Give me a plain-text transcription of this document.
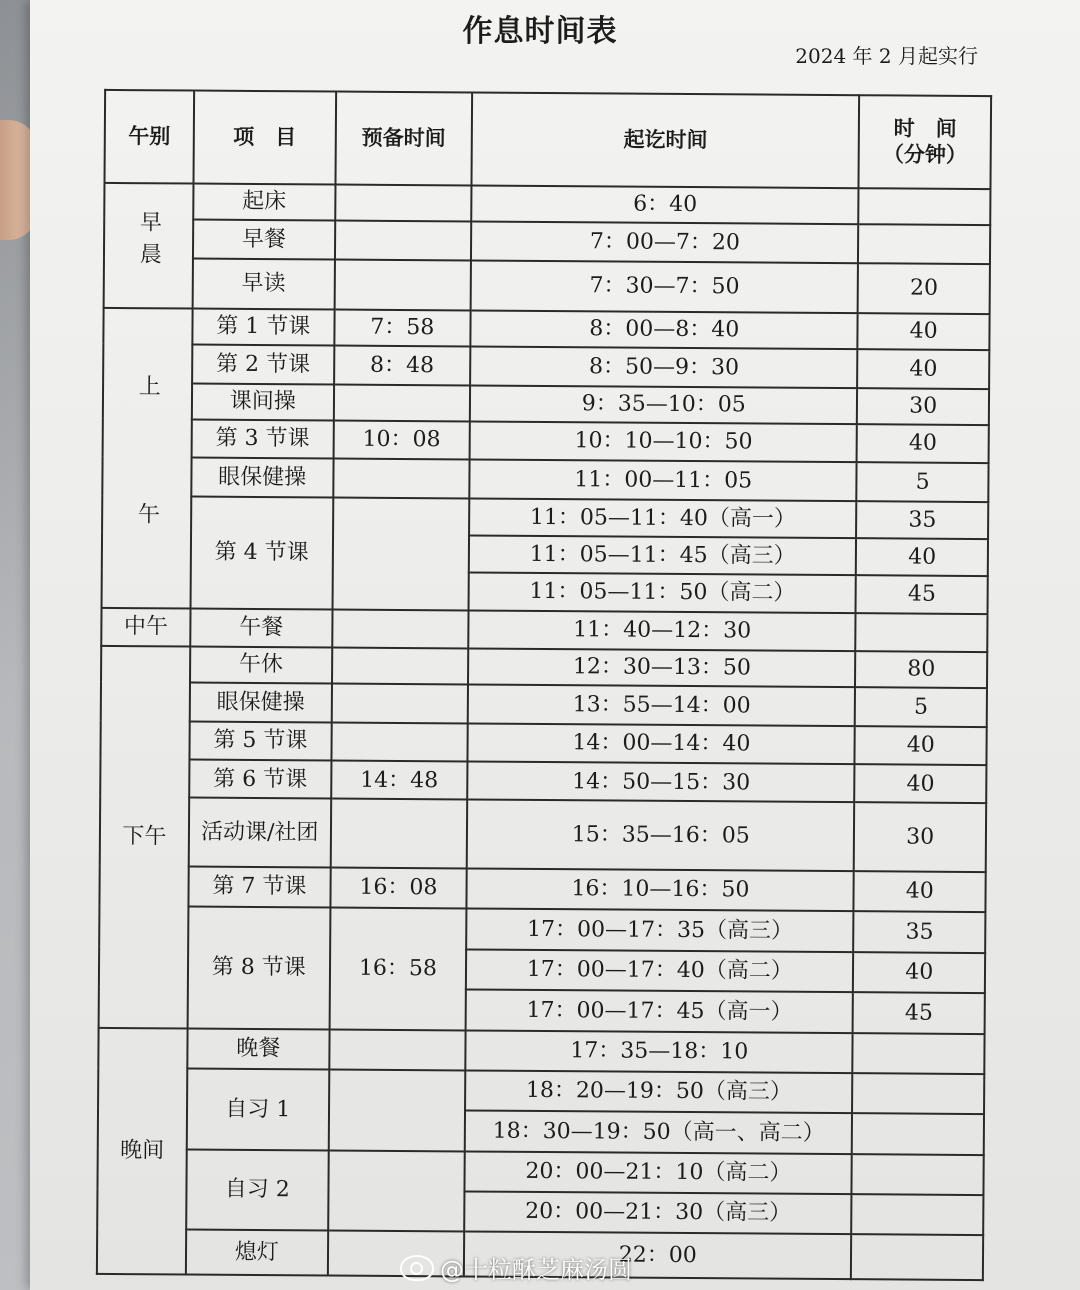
作息时间表
2024 年 2 月起实行
午别	项　目	预备时间	起讫时间	时　间
（分钟）
早晨	起床		6：40	
	早餐		7：00—7：20	
	早读		7：30—7：50	20
上　　　午	第 1 节课	7：58	8：00—8：40	40
	第 2 节课	8：48	8：50—9：30	40
	课间操		9：35—10：05	30
	第 3 节课	10：08	10：10—10：50	40
	眼保健操		11：00—11：05	5
	第 4 节课		11：05—11：40（高一）	35
			11：05—11：45（高三）	40
			11：05—11：50（高二）	45
中午	午餐		11：40—12：30	
下午	午休		12：30—13：50	80
	眼保健操		13：55—14：00	5
	第 5 节课		14：00—14：40	40
	第 6 节课	14：48	14：50—15：30	40
	活动课/社团		15：35—16：05	30
	第 7 节课	16：08	16：10—16：50	40
	第 8 节课	16：58	17：00—17：35（高三）	35
			17：00—17：40（高二）	40
			17：00—17：45（高一）	45
晚间	晚餐		17：35—18：10	
	自习 1		18：20—19：50（高三）	
			18：30—19：50（高一、高二）	
	自习 2		20：00—21：10（高二）	
			20：00—21：30（高三）	
	熄灯		22：00	
@十粒酥芝麻汤圆
